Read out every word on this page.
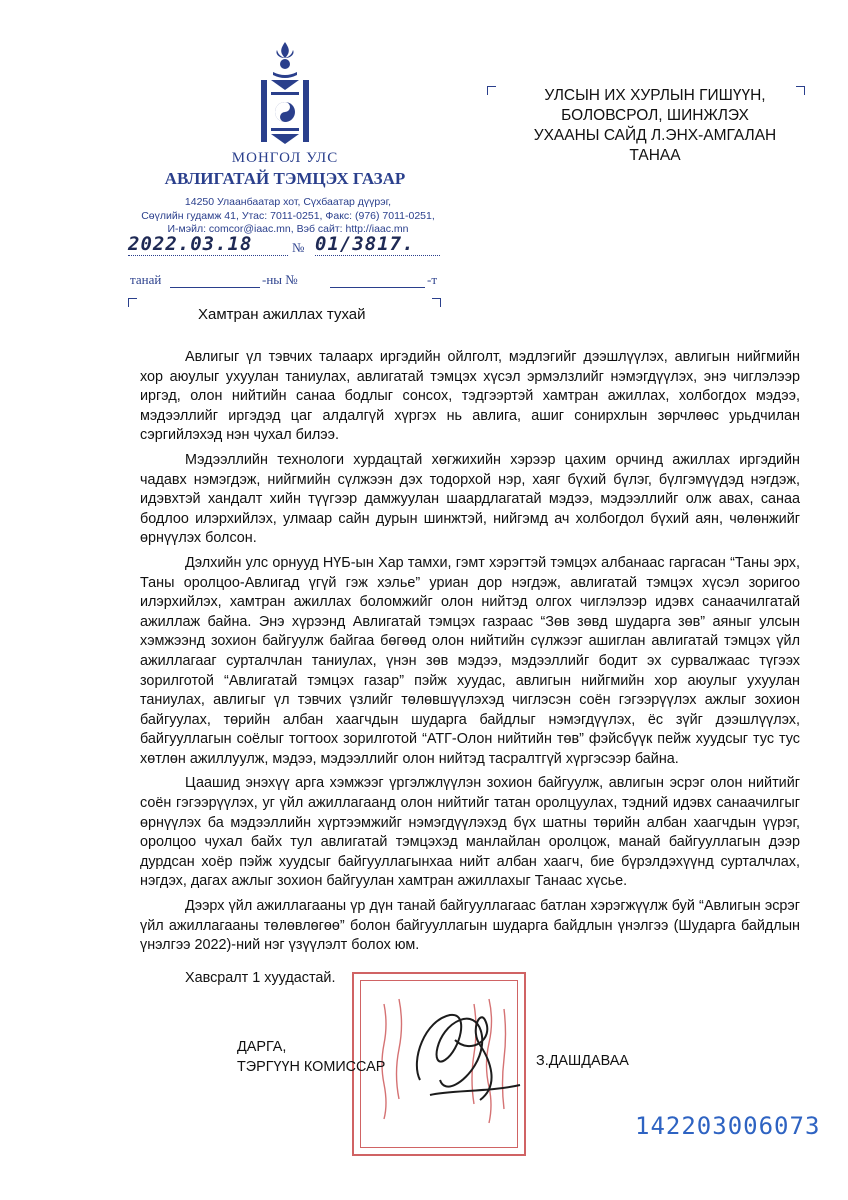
МОНГОЛ УЛС
АВЛИГАТАЙ ТЭМЦЭХ ГАЗАР
14250 Улаанбаатар хот, Сүхбаатар дүүрэг,
Сөүлийн гудамж 41, Утас: 7011-0251, Факс: (976) 7011-0251,
И-мэйл: comcor@iaac.mn, Вэб сайт: http://iaac.mn
2022.03.18	№ 01/3817.
танай	-ны №	-т
УЛСЫН ИХ ХУРЛЫН ГИШҮҮН,
БОЛОВСРОЛ, ШИНЖЛЭХ
УХААНЫ САЙД Л.ЭНХ-АМГАЛАН
ТАНАА
Хамтран ажиллах тухай

Авлигыг үл тэвчих талаарх иргэдийн ойлголт, мэдлэгийг дээшлүүлэх, авлигын нийгмийн хор аюулыг ухуулан таниулах, авлигатай тэмцэх хүсэл эрмэлзлийг нэмэгдүүлэх, энэ чиглэлээр иргэд, олон нийтийн санаа бодлыг сонсох, тэдгээртэй хамтран ажиллах, холбогдох мэдээ, мэдээллийг иргэдэд цаг алдалгүй хүргэх нь авлига, ашиг сонирхлын зөрчлөөс урьдчилан сэргийлэхэд нэн чухал билээ.

Мэдээллийн технологи хурдацтай хөгжихийн хэрээр цахим орчинд ажиллах иргэдийн чадавх нэмэгдэж, нийгмийн сүлжээн дэх тодорхой нэр, хаяг бүхий бүлэг, бүлгэмүүдэд нэгдэж, идэвхтэй хандалт хийн түүгээр дамжуулан шаардлагатай мэдээ, мэдээллийг олж авах, санаа бодлоо илэрхийлэх, улмаар сайн дурын шинжтэй, нийгэмд ач холбогдол бүхий аян, чөлөнжийг өрнүүлэх болсон.

Дэлхийн улс орнууд НҮБ-ын Хар тамхи, гэмт хэрэгтэй тэмцэх албанаас гаргасан “Таны эрх, Таны оролцоо-Авлигад үгүй гэж хэлье” уриан дор нэгдэж, авлигатай тэмцэх хүсэл зоригоо илэрхийлэх, хамтран ажиллах боломжийг олон нийтэд олгох чиглэлээр идэвх санаачилгатай ажиллаж байна. Энэ хүрээнд Авлигатай тэмцэх газраас “Зөв зөвд шударга зөв” аяныг улсын хэмжээнд зохион байгуулж байгаа бөгөөд олон нийтийн сүлжээг ашиглан авлигатай тэмцэх үйл ажиллагааг сурталчлан таниулах, үнэн зөв мэдээ, мэдээллийг бодит эх сурвалжаас түгээх зорилготой “Авлигатай тэмцэх газар” пэйж хуудас, авлигын нийгмийн хор аюулыг ухуулан таниулах, авлигыг үл тэвчих үзлийг төлөвшүүлэхэд чиглэсэн соён гэгээрүүлэх ажлыг зохион байгуулах, төрийн албан хаагчдын шударга байдлыг нэмэгдүүлэх, ёс зүйг дээшлүүлэх, байгууллагын соёлыг тогтоох зорилготой “АТГ-Олон нийтийн төв” фэйсбүүк пейж хуудсыг тус тус хөтлөн ажиллуулж, мэдээ, мэдээллийг олон нийтэд тасралтгүй хүргэсээр байна.

Цаашид энэхүү арга хэмжээг үргэлжлүүлэн зохион байгуулж, авлигын эсрэг олон нийтийг соён гэгээрүүлэх, уг үйл ажиллагаанд олон нийтийг татан оролцуулах, тэдний идэвх санаачилгыг өрнүүлэх ба мэдээллийн хүртээмжийг нэмэгдүүлэхэд бүх шатны төрийн албан хаагчдын үүрэг, оролцоо чухал байх тул авлигатай тэмцэхэд манлайлан оролцож, манай байгууллагын дээр дурдсан хоёр пэйж хуудсыг байгууллагынхаа нийт албан хаагч, бие бүрэлдэхүүнд сурталчлах, нэгдэх, дагах ажлыг зохион байгуулан хамтран ажиллахыг Танаас хүсье.

Дээрх үйл ажиллагааны үр дүн танай байгууллагаас батлан хэрэгжүүлж буй “Авлигын эсрэг үйл ажиллагааны төлөвлөгөө” болон байгууллагын шударга байдлын үнэлгээ (Шударга байдлын үнэлгээ 2022)-ний нэг үзүүлэлт болох юм.

Хавсралт 1 хуудастай.
ДАРГА,
ТЭРГҮҮН КОМИССАР	З.ДАШДАВАА
142203006073
